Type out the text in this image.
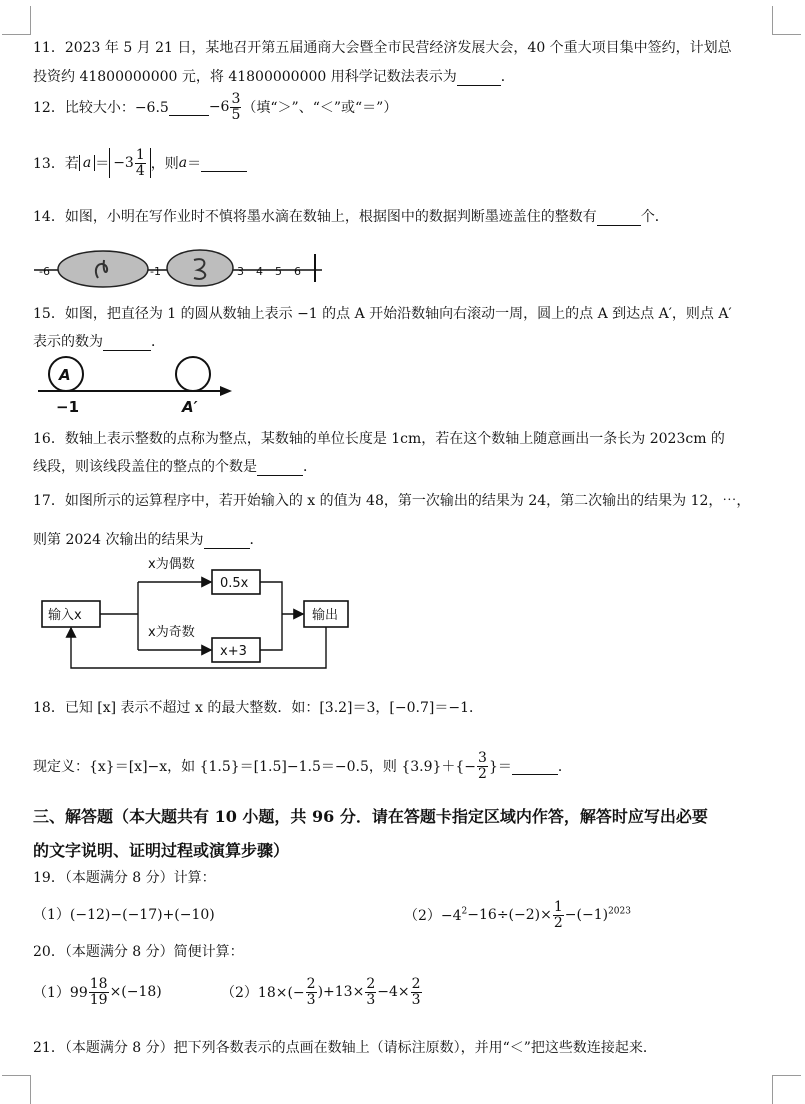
11．2023 年 5 月 21 日，某地召开第五届通商大会暨全市民营经济发展大会，40 个重大项目集中签约，计划总
投资约 41800000000 元，将 41800000000 用科学记数法表示为	．
12．比较大小：−6.5	$-6 \frac{3}{5}$ （填“＞”、“＜”或“＝”）
13．若 $a = -3 \frac{1}{4}$ ，则a＝
14．如图，小明在写作业时不慎将墨水滴在数轴上，根据图中的数据判断墨迹盖住的整数有	个．
-6	-1	3 4 5 6
15．如图，把直径为 1 的圆从数轴上表示 −1 的点 A 开始沿数轴向右滚动一周，圆上的点 A 到达点 A′，则点 A′
表示的数为	．
A
−1	A′
16．数轴上表示整数的点称为整点，某数轴的单位长度是 1cm，若在这个数轴上随意画出一条长为 2023cm 的
线段，则该线段盖住的整点的个数是	．
17．如图所示的运算程序中，若开始输入的 x 的值为 48，第一次输出的结果为 24，第二次输出的结果为 12，⋯，
则第 2024 次输出的结果为	．
输入x
0.5x
x+3
输出
x为偶数
x为奇数
18．已知 [x] 表示不超过 x 的最大整数．如：[3.2]＝3，[−0.7]＝−1．
现定义：{x}＝[x]−x，如 {1.5}＝[1.5]−1.5＝−0.5，则 $\{3.9\}+\{- \frac{3}{2}$ }＝	．
三、解答题（本大题共有 10 小题，共 96 分．请在答题卡指定区域内作答，解答时应写出必要
的文字说明、证明过程或演算步骤）
19．（本题满分 8 分）计算：
（1）(−12)−(−17)+(−10)	$(2)-4^2-16\div(-2)\times \frac{1}{2} -(-1)^{2023}$
20．（本题满分 8 分）简便计算：
$(1)99 \frac{18}{19} \times(-18)$	$(2)18\times(- \frac{2}{3} )+13\times \frac{2}{3} -4\times \frac{2}{3}$
21．（本题满分 8 分）把下列各数表示的点画在数轴上（请标注原数），并用“＜”把这些数连接起来．
